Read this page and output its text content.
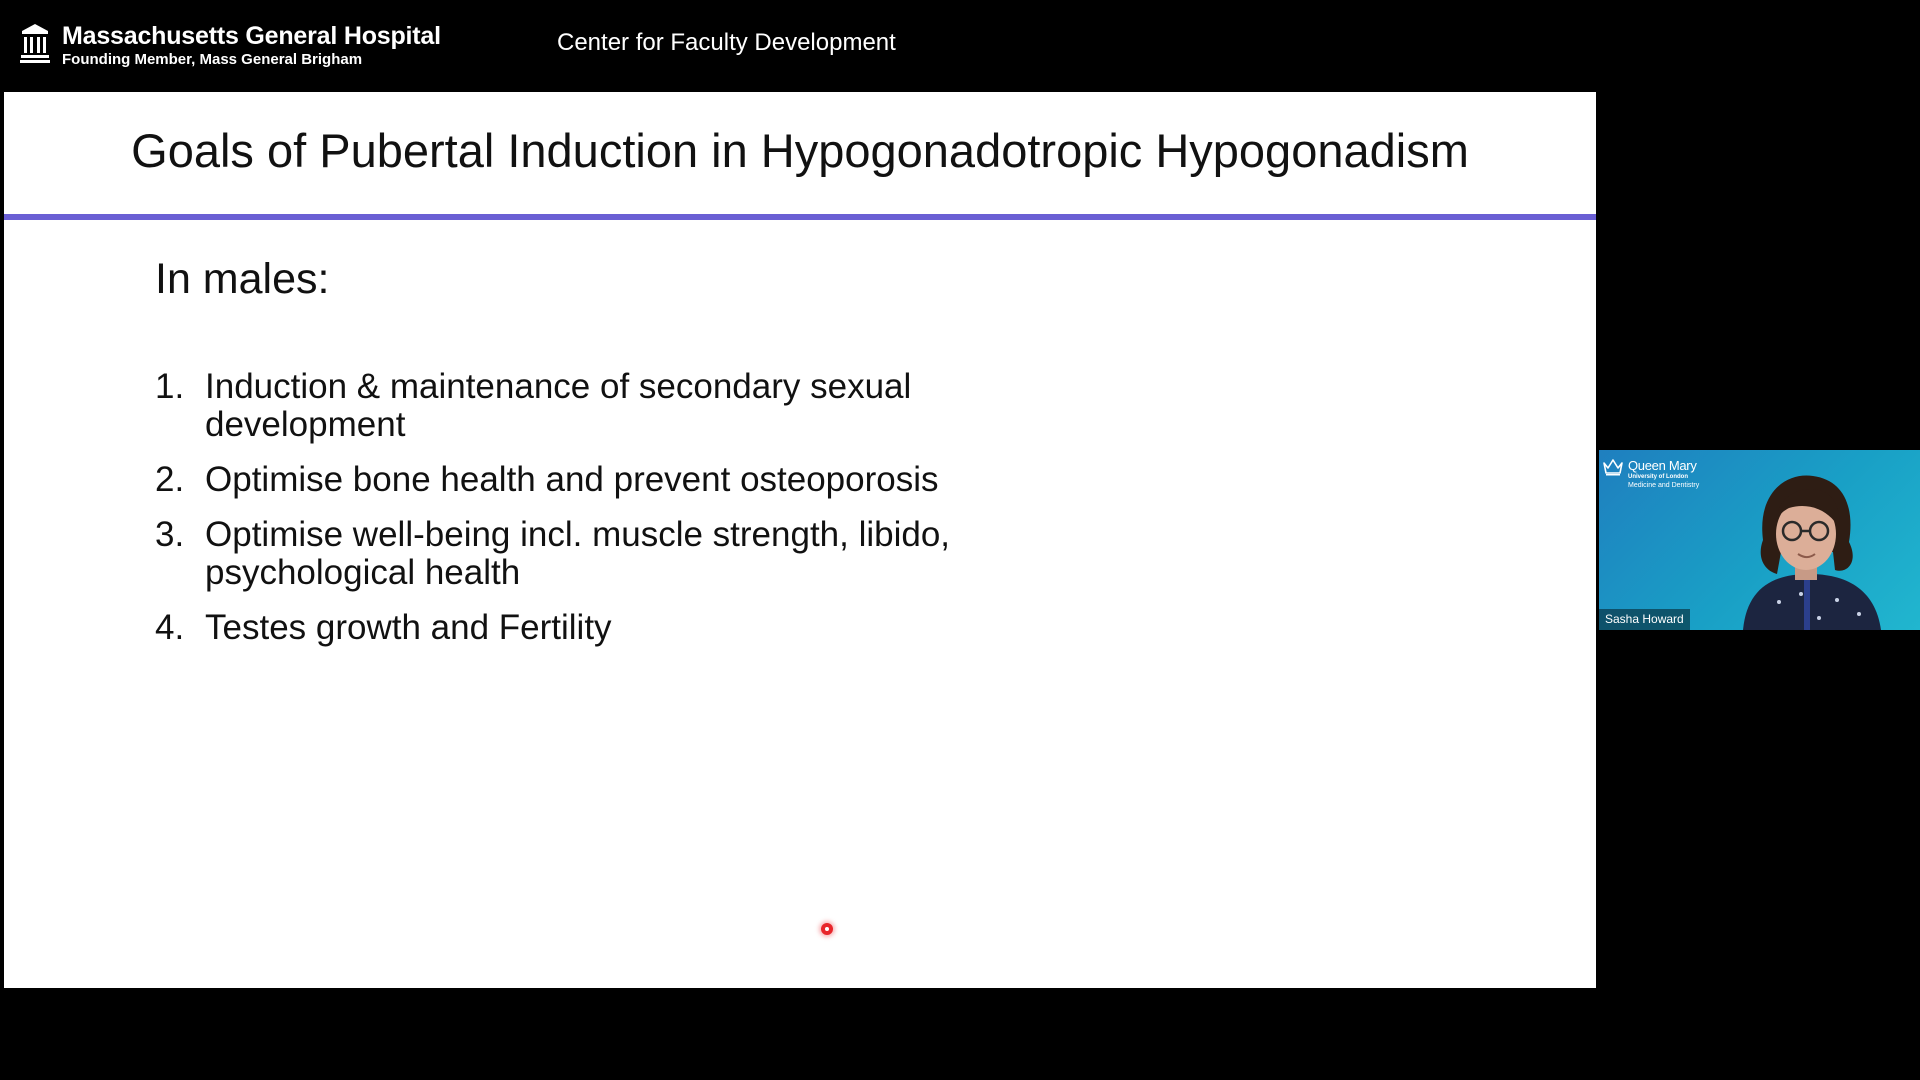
Massachusetts General Hospital
Founding Member, Mass General Brigham
Center for Faculty Development
Goals of Pubertal Induction in Hypogonadotropic Hypogonadism
In males:
1. Induction & maintenance of secondary sexual development
2. Optimise bone health and prevent osteoporosis
3. Optimise well-being incl. muscle strength, libido, psychological health
4. Testes growth and Fertility
Queen Mary
University of London
Medicine and Dentistry
Sasha Howard
